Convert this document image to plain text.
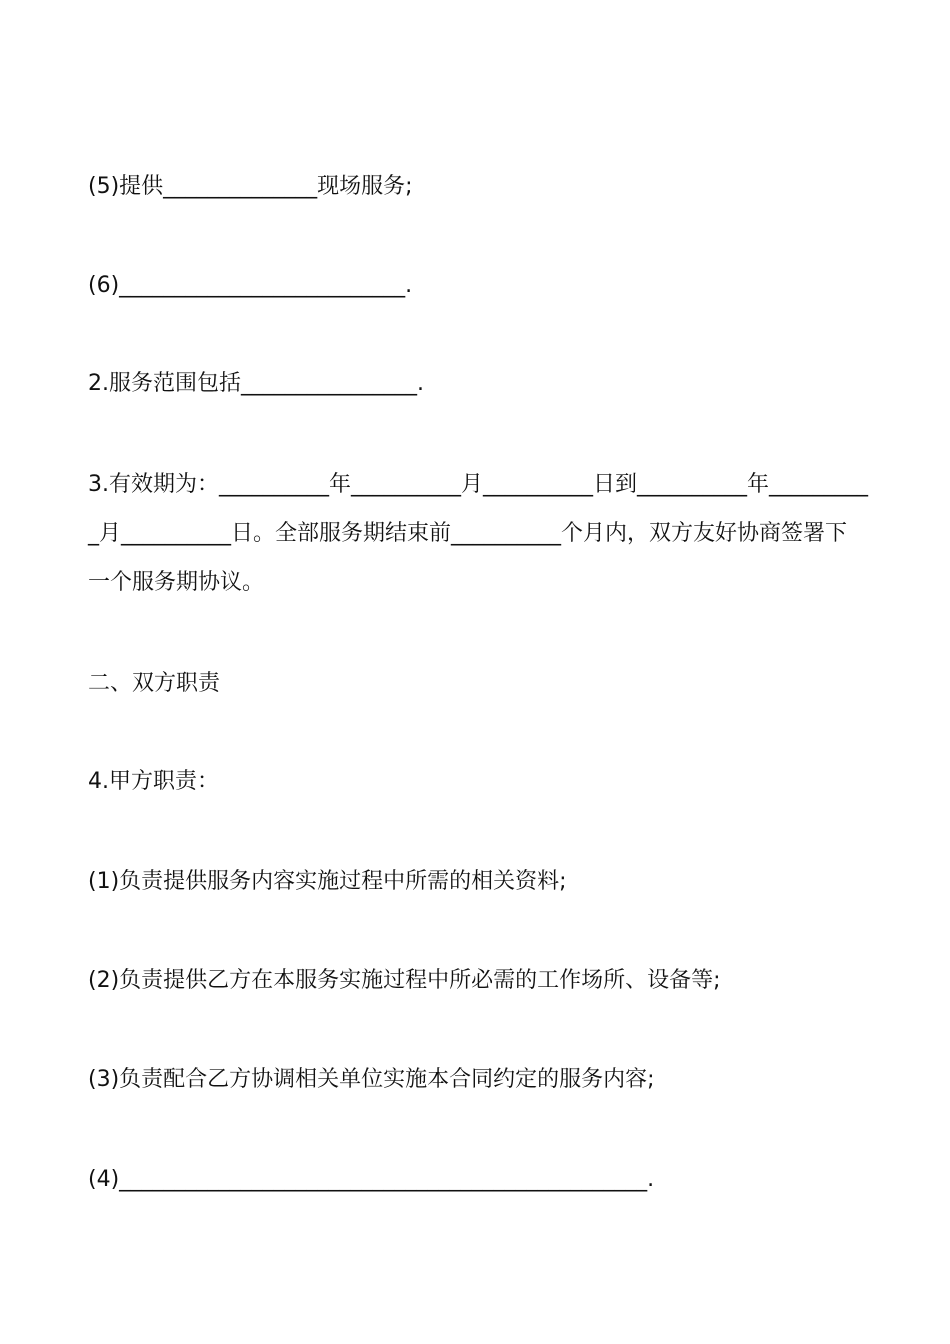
(5)提供______________现场服务;

(6)__________________________.

2.服务范围包括________________.

3.有效期为：__________年__________月__________日到__________年__________月__________日。全部服务期结束前__________个月内，双方友好协商签署下一个服务期协议。

二、双方职责

4.甲方职责：

(1)负责提供服务内容实施过程中所需的相关资料;

(2)负责提供乙方在本服务实施过程中所必需的工作场所、设备等;

(3)负责配合乙方协调相关单位实施本合同约定的服务内容;

(4)________________________________________________.
